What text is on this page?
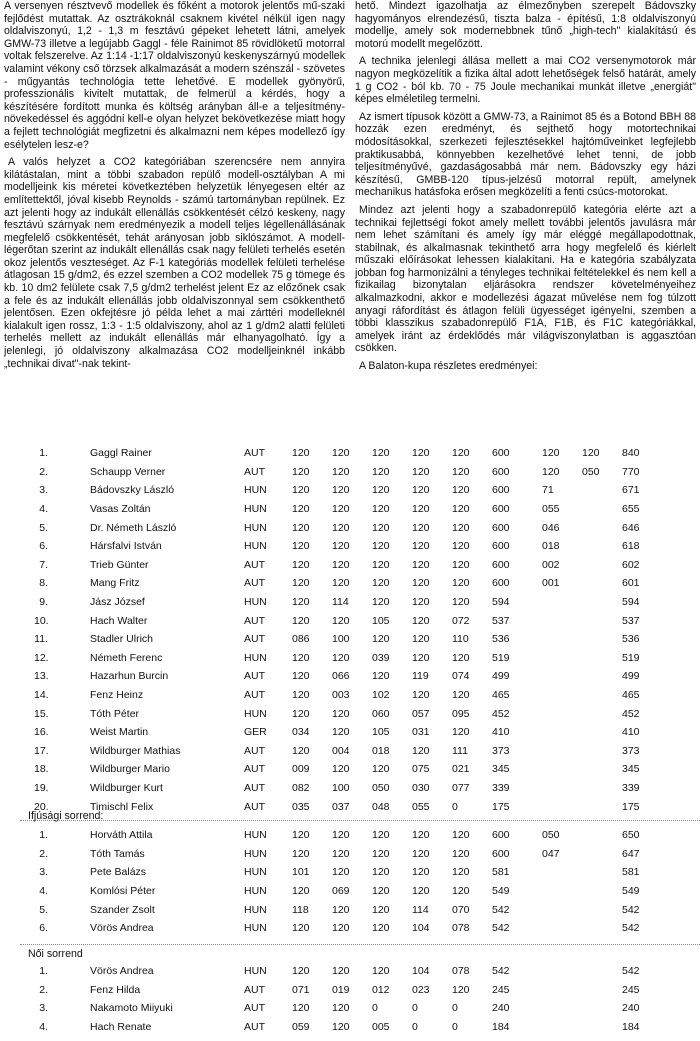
A versenyen résztvevő modellek és főként a motorok jelentős mű-szaki fejlődést mutattak. Az osztrákoknál csaknem kivétel nélkül igen nagy oldalviszonyú, 1,2 - 1,3 m fesztávú gépeket lehetett látni, amelyek GMW-73 illetve a legújabb Gaggl - féle Rainimot 85 rövidlöketű motorral voltak felszerelve. Az 1:14 -1:17 oldalviszonyú keskenyszárnyú modellek valamint vékony cső törzsek alkalmazását a modern szénszál - szövetes - műgyantás technológia tette lehetővé. E modellek gyönyörű, professzionális kivitelt mutattak, de felmerül a kérdés, hogy a készítésére fordított munka és költség arányban áll-e a teljesítmény-növekedéssel és aggódni kell-e olyan helyzet bekövetkezése miatt hogy a fejlett technológiát megfizetni és alkalmazni nem képes modellező így esélytelen lesz-e?

A valós helyzet a CO2 kategóriában szerencsére nem annyira kilátástalan, mint a többi szabadon repülő modell-osztályban A mi modelljeink kis méretei következtében helyzetük lényegesen eltér az említettektől, jóval kisebb Reynolds - számú tartományban repülnek. Ez azt jelenti hogy az indukált ellenállás csökkentését célzó keskeny, nagy fesztávú szárnyak nem eredményezik a modell teljes légellenállásának megfelelő csökkentését, tehát arányosan jobb siklószámot. A modell-légerőtan szerint az indukált ellenállás csak nagy felületi terhelés esetén okoz jelentős veszteséget. Az F-1 kategóriás modellek felületi terhelése átlagosan 15 g/dm2, és ezzel szemben a CO2 modellek 75 g tömege és kb. 10 dm2 felülete csak 7,5 g/dm2 terhelést jelent Ez az előzőnek csak a fele és az indukált ellenállás jobb oldalviszonnyal sem csökkenthető jelentősen. Ezen okfejtésre jó példa lehet a mai zárttéri modelleknél kialakult igen rossz, 1:3 - 1:5 oldalviszony, ahol az 1 g/dm2 alatti felületi terhelés mellett az indukált ellenállás már elhanyagolható. Így a jelenlegi, jó oldalviszony alkalmazása CO2 modelljeinknél inkább „technikai divat"-nak tekint-

hető. Mindezt igazolhatja az élmezőnyben szerepelt Bádovszky hagyományos elrendezésű, tiszta balza - építésű, 1:8 oldalviszonyú modellje, amely sok modernebbnek tűnő „high-tech" kialakítású és motorú modellt megelőzött.

A technika jelenlegi állása mellett a mai CO2 versenymotorok már nagyon megközelítik a fizika által adott lehetőségek felső határát, amely 1 g CO2 - ból kb. 70 - 75 Joule mechanikai munkát illetve „energiát" képes elméletileg termelni.

Az ismert típusok között a GMW-73, a Rainimot 85 és a Botond BBH 88 hozzák ezen eredményt, és sejthető hogy motortechnikai módosításokkal, szerkezeti fejlesztésekkel hajtóműveinket legfejlebb praktikusabbá, könnyebben kezelhetővé lehet tenni, de jobb teljesítményűvé, gazdaságosabbá már nem. Bádovszky egy házi készítésű, GMBB-120 típus-jelzésű motorral repült, amelynek mechanikus hatásfoka erősen megközelíti a fenti csúcs-motorokat.

Mindez azt jelenti hogy a szabadonrepülő kategória elérte azt a technikai fejlettségi fokot amely mellett további jelentős javulásra már nem lehet számítani és amely így már eléggé megállapodottnak, stabilnak, és alkalmasnak tekinthető arra hogy megfelelő és kiérlelt műszaki előírásokat lehessen kialakítani. Ha e kategória szabályzata jobban fog harmonizálni a tényleges technikai feltételekkel és nem kell a fizikailag bizonytalan eljárásokra rendszer követelményeihez alkalmazkodni, akkor e modellezési ágazat művelése nem fog túlzott anyagi ráfordítást és átlagon felüli ügyességet igényelni, szemben a többi klasszikus szabadonrepülő F1A, F1B, és F1C kategóriákkal, amelyek iránt az érdeklődés már világviszonylatban is aggasztóan csökken.

A Balaton-kupa részletes eredményei:

1.	Gaggl Rainer	AUT	120	120	120	120	120	600	120	120	840
2.	Schaupp Verner	AUT	120	120	120	120	120	600	120	050	770
3.	Bádovszky László	HUN	120	120	120	120	120	600	71		671
4.	Vasas Zoltán	HUN	120	120	120	120	120	600	055		655
5.	Dr. Németh László	HUN	120	120	120	120	120	600	046		646
6.	Hársfalvi István	HUN	120	120	120	120	120	600	018		618
7.	Trieb Günter	AUT	120	120	120	120	120	600	002		602
8.	Mang Fritz	AUT	120	120	120	120	120	600	001		601
9.	Jász József	HUN	120	114	120	120	120	594			594
10.	Hach Walter	AUT	120	120	105	120	072	537			537
11.	Stadler Ulrich	AUT	086	100	120	120	110	536			536
12.	Németh Ferenc	HUN	120	120	039	120	120	519			519
13.	Hazarhun Burcin	AUT	120	066	120	119	074	499			499
14.	Fenz Heinz	AUT	120	003	102	120	120	465			465
15.	Tóth Péter	HUN	120	120	060	057	095	452			452
16.	Weist Martin	GER	034	120	105	031	120	410			410
17.	Wildburger Mathias	AUT	120	004	018	120	111	373			373
18.	Wildburger Mario	AUT	009	120	120	075	021	345			345
19.	Wildburger Kurt	AUT	082	100	050	030	077	339			339
20.	Timischl Felix	AUT	035	037	048	055	0	175			175
Ifjúsági sorrend:
1.	Horváth Attila	HUN	120	120	120	120	120	600	050		650
2.	Tóth Tamás	HUN	120	120	120	120	120	600	047		647
3.	Pete Balázs	HUN	101	120	120	120	120	581			581
4.	Komlósi Péter	HUN	120	069	120	120	120	549			549
5.	Szander Zsolt	HUN	118	120	120	114	070	542			542
6.	Vörös Andrea	HUN	120	120	120	104	078	542			542
Női sorrend
1.	Vörös Andrea	HUN	120	120	120	104	078	542			542
2.	Fenz Hilda	AUT	071	019	012	023	120	245			245
3.	Nakamoto Miiyuki	AUT	120	120	0	0	0	240			240
4.	Hach Renate	AUT	059	120	005	0	0	184			184
